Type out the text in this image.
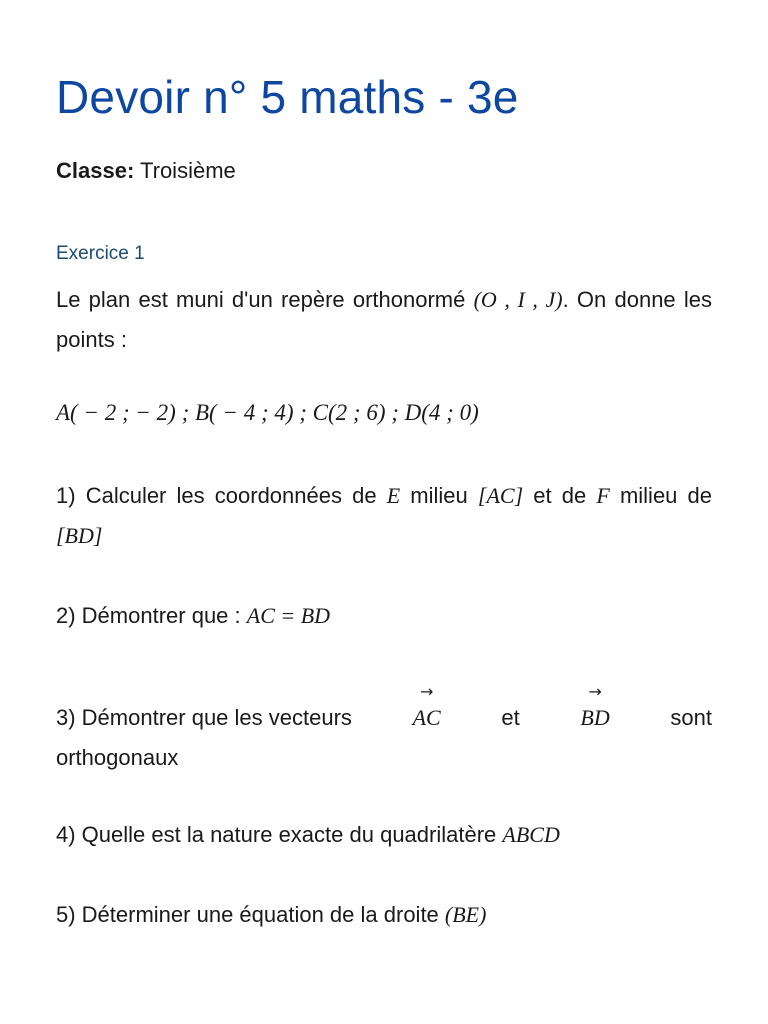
Devoir n° 5 maths - 3e
Classe: Troisième
Exercice 1
Le plan est muni d'un repère orthonormé (O , I , J). On donne les points :
A( − 2 ; − 2) ; B( − 4 ; 4) ; C(2 ; 6) ; D(4 ; 0)
1) Calculer les coordonnées de E milieu [AC] et de F milieu de [BD]
2) Démontrer que : AC = BD
3) Démontrer que les vecteurs
→
AC	et
→
BD	sont
orthogonaux
4) Quelle est la nature exacte du quadrilatère ABCD
5) Déterminer une équation de la droite (BE)
